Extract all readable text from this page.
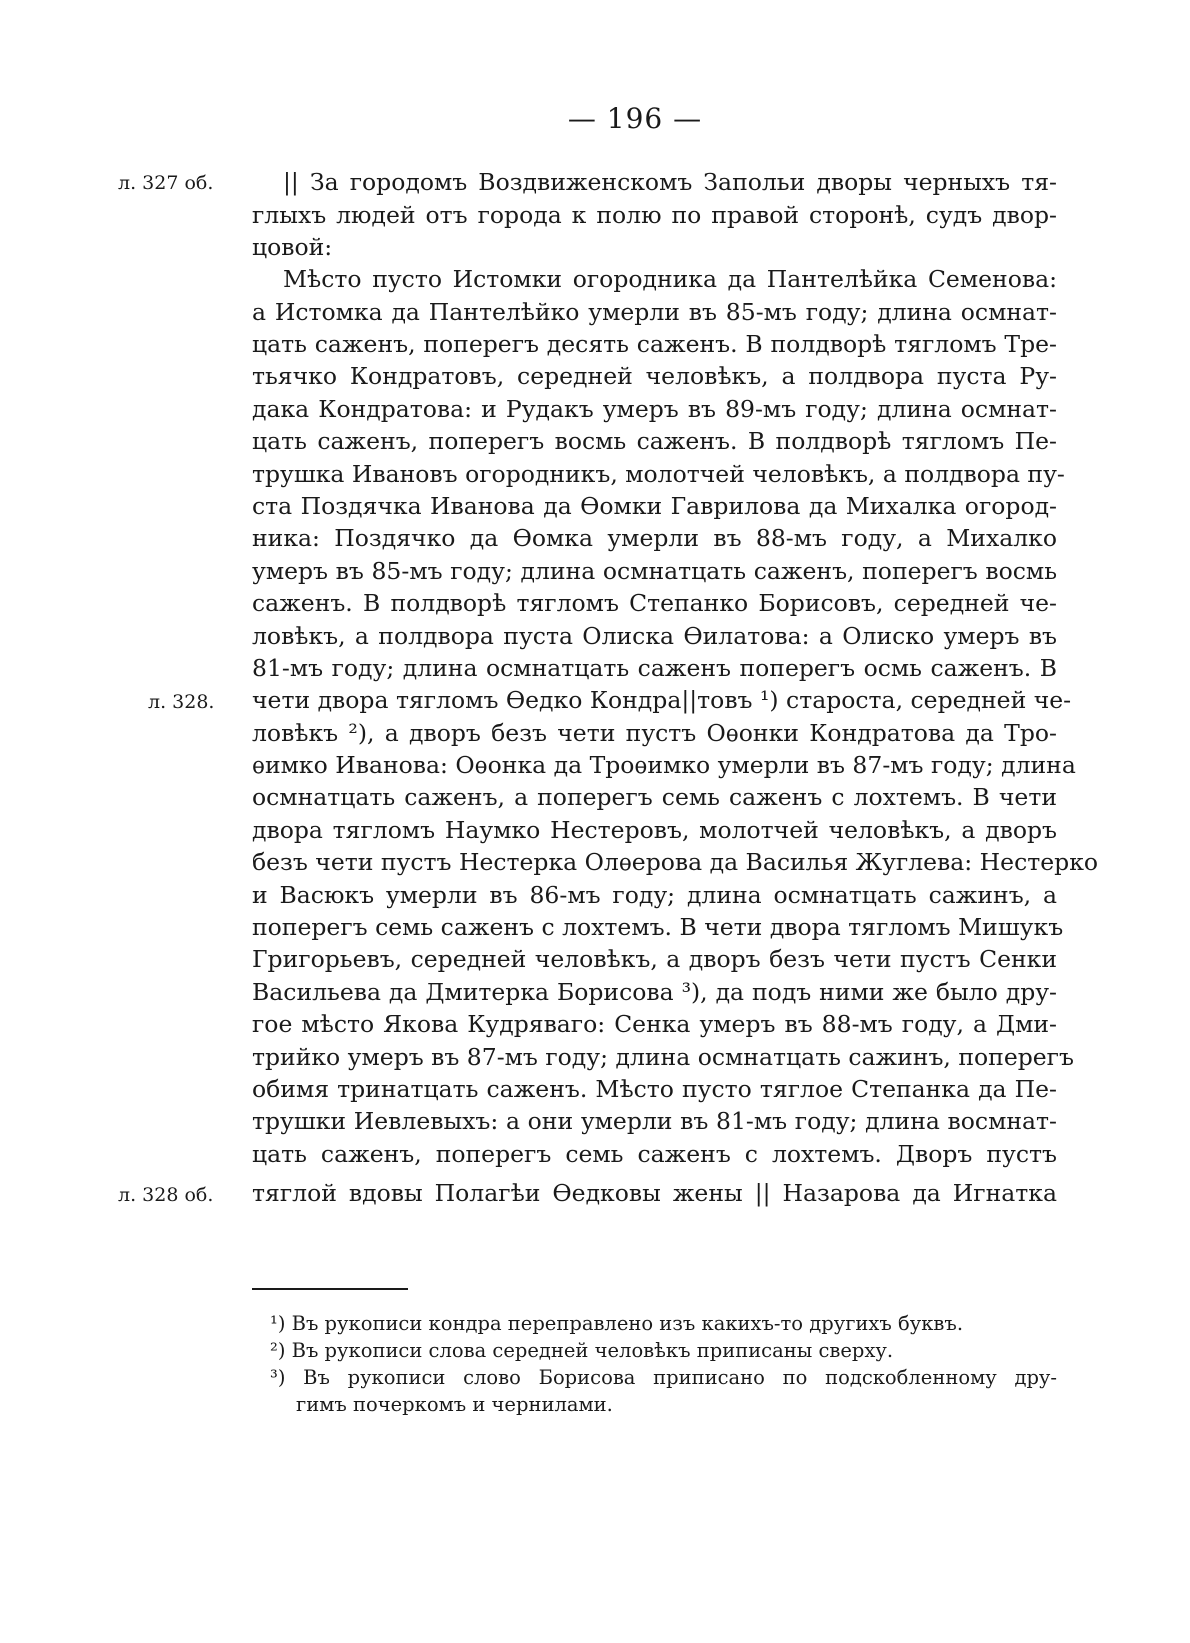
— 196 —
л. 327 об.
л. 328.
л. 328 об.
|| За городомъ Воздвиженскомъ Запольи дворы черныхъ тя-
глыхъ людей отъ города к полю по правой сторонѣ, судъ двор-
цовой:
Мѣсто пусто Истомки огородника да Пантелѣйка Семенова:
а Истомка да Пантелѣйко умерли въ 85-мъ году; длина осмнат-
цать саженъ, поперегъ десять саженъ. В полдворѣ тягломъ Тре-
тьячко Кондратовъ, середней человѣкъ, а полдвора пуста Ру-
дака Кондратова: и Рудакъ умеръ въ 89-мъ году; длина осмнат-
цать саженъ, поперегъ восмь саженъ. В полдворѣ тягломъ Пе-
трушка Ивановъ огородникъ, молотчей человѣкъ, а полдвора пу-
ста Поздячка Иванова да Ѳомки Гаврилова да Михалка огород-
ника: Поздячко да Ѳомка умерли въ 88-мъ году, а Михалко
умеръ въ 85-мъ году; длина осмнатцать саженъ, поперегъ восмь
саженъ. В полдворѣ тягломъ Степанко Борисовъ, середней че-
ловѣкъ, а полдвора пуста Олиска Ѳилатова: а Олиско умеръ въ
81-мъ году; длина осмнатцать саженъ поперегъ осмь саженъ. В
чети двора тягломъ Ѳедко Кондра||товъ ¹) староста, середней че-
ловѣкъ ²), а дворъ безъ чети пустъ Оѳонки Кондратова да Тро-
ѳимко Иванова: Оѳонка да Троѳимко умерли въ 87-мъ году; длина
осмнатцать саженъ, а поперегъ семь саженъ с лохтемъ. В чети
двора тягломъ Наумко Нестеровъ, молотчей человѣкъ, а дворъ
безъ чети пустъ Нестерка Олѳерова да Василья Жуглева: Нестерко
и Васюкъ умерли въ 86-мъ году; длина осмнатцать сажинъ, а
поперегъ семь саженъ с лохтемъ. В чети двора тягломъ Мишукъ
Григорьевъ, середней человѣкъ, а дворъ безъ чети пустъ Сенки
Васильева да Дмитерка Борисова ³), да подъ ними же было дру-
гое мѣсто Якова Кудряваго: Сенка умеръ въ 88-мъ году, а Дми-
трийко умеръ въ 87-мъ году; длина осмнатцать сажинъ, поперегъ
обимя тринатцать саженъ. Мѣсто пусто тяглое Степанка да Пе-
трушки Иевлевыхъ: а они умерли въ 81-мъ году; длина восмнат-
цать саженъ, поперегъ семь саженъ с лохтемъ. Дворъ пустъ
тяглой вдовы Полагѣи Ѳедковы жены || Назарова да Игнатка
¹) Въ рукописи кондра переправлено изъ какихъ-то другихъ буквъ.
²) Въ рукописи слова середней человѣкъ приписаны сверху.
³) Въ рукописи слово Борисова приписано по подскобленному дру-
гимъ почеркомъ и чернилами.
